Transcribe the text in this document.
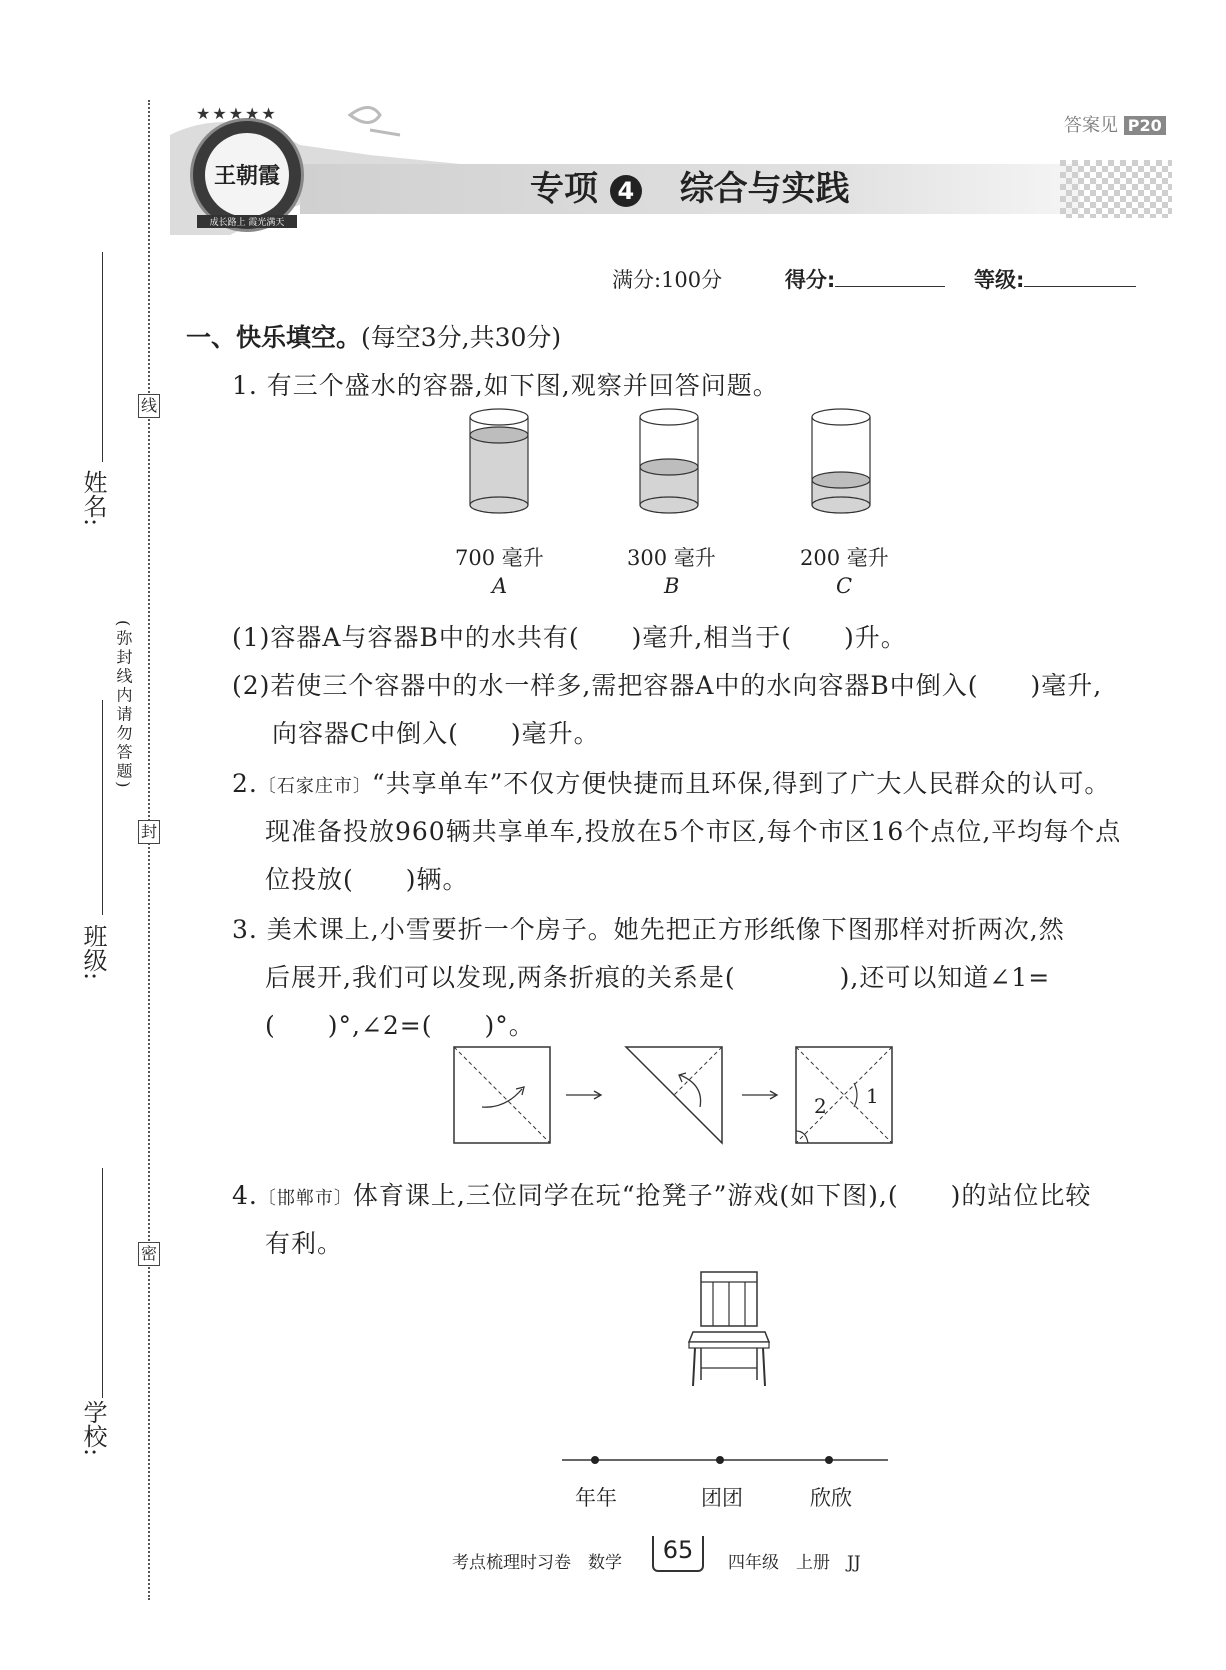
姓名:
班级:
学校:
线
封
密
(弥封线内请勿答题)
王朝霞
成长路上 霞光满天
★★★★★
答案见 P20
专项 4 综合与实践
满分:100分	得分:	等级:
一、快乐填空。(每空3分,共30分)
1. 有三个盛水的容器,如下图,观察并回答问题。
700 毫升	300 毫升	200 毫升
A	B	C
(1)容器A与容器B中的水共有(　　)毫升,相当于(　　)升。
(2)若使三个容器中的水一样多,需把容器A中的水向容器B中倒入(　　)毫升,
向容器C中倒入(　　)毫升。
2.〔石家庄市〕“共享单车”不仅方便快捷而且环保,得到了广大人民群众的认可。
现准备投放960辆共享单车,投放在5个市区,每个市区16个点位,平均每个点
位投放(　　)辆。
3. 美术课上,小雪要折一个房子。她先把正方形纸像下图那样对折两次,然
后展开,我们可以发现,两条折痕的关系是(　　　　),还可以知道∠1=
(　　)°,∠2=(　　)°。
1
2
4.〔邯郸市〕体育课上,三位同学在玩“抢凳子”游戏(如下图),(　　)的站位比较
有利。
年年	团团	欣欣
考点梳理时习卷　数学	65	四年级　上册　JJ
